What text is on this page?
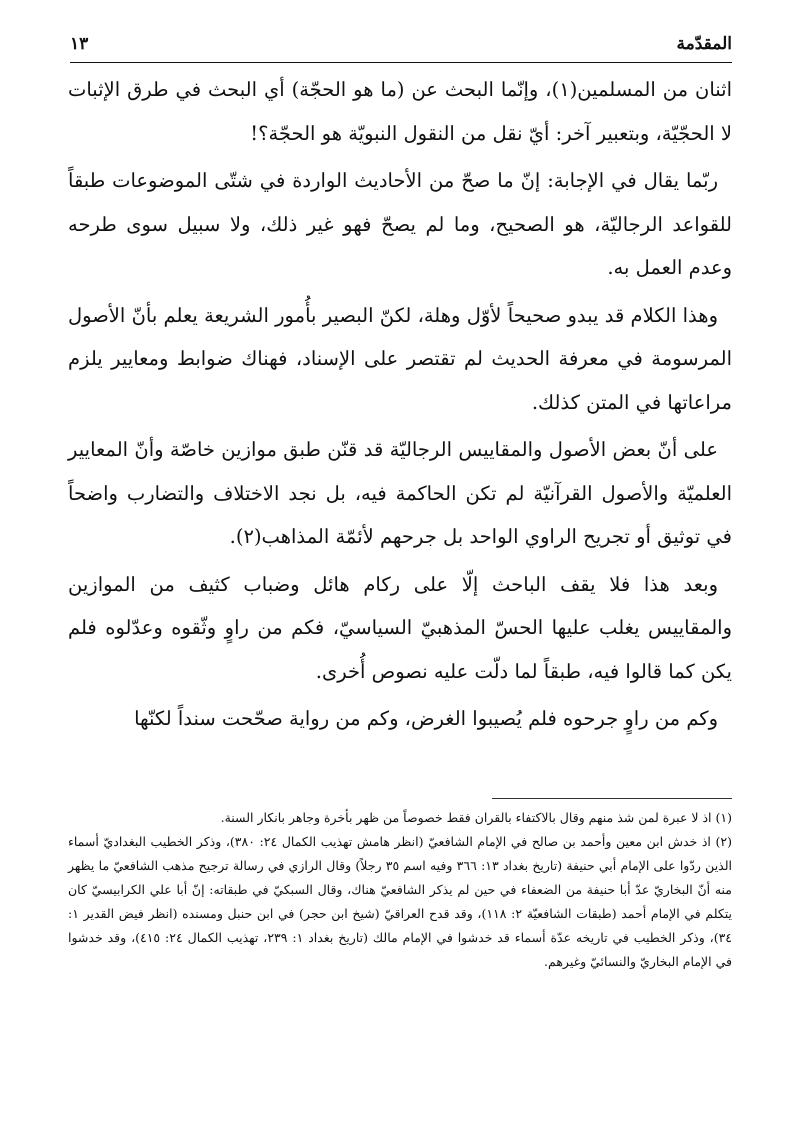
المقدّمة
١٣

اثنان من المسلمين(١)، وإنّما البحث عن (ما هو الحجّة) أي البحث في طرق الإثبات لا الحجّيّة، وبتعبير آخر: أيّ نقل من النقول النبويّة هو الحجّة؟!

ربّما يقال في الإجابة: إنّ ما صحّ من الأحاديث الواردة في شتّى الموضوعات طبقاً للقواعد الرجاليّة، هو الصحيح، وما لم يصحّ فهو غير ذلك، ولا سبيل سوى طرحه وعدم العمل به.

وهذا الكلام قد يبدو صحيحاً لأوّل وهلة، لكنّ البصير بأُمور الشريعة يعلم بأنّ الأصول المرسومة في معرفة الحديث لم تقتصر على الإسناد، فهناك ضوابط ومعايير يلزم مراعاتها في المتن كذلك.

على أنّ بعض الأصول والمقاييس الرجاليّة قد قنّن طبق موازين خاصّة وأنّ المعايير العلميّة والأصول القرآنيّة لم تكن الحاكمة فيه، بل نجد الاختلاف والتضارب واضحاً في توثيق أو تجريح الراوي الواحد بل جرحهم لأئمّة المذاهب(٢).

وبعد هذا فلا يقف الباحث إلّا على ركام هائل وضباب كثيف من الموازين والمقاييس يغلب عليها الحسّ المذهبيّ السياسيّ، فكم من راوٍ وثّقوه وعدّلوه فلم يكن كما قالوا فيه، طبقاً لما دلّت عليه نصوص أُخرى.

وكم من راوٍ جرحوه فلم يُصيبوا الغرض، وكم من رواية صحّحت سنداً لكنّها

(١) اذ لا عبرة لمن شذ منهم وقال بالاكتفاء بالقران فقط خصوصاً من ظهر بأخرة وجاهر بانكار السنة.

(٢) اذ خدش ابن معين وأحمد بن صالح في الإمام الشافعيّ (انظر هامش تهذيب الكمال ٢٤: ٣٨٠)، وذكر الخطيب البغداديّ أسماء الذين ردّوا على الإمام أبي حنيفة (تاريخ بغداد ١٣: ٣٦٦ وفيه اسم ٣٥ رجلاً) وقال الرازي في رسالة ترجيح مذهب الشافعيّ ما يظهر منه أنّ البخاريّ عدّ أبا حنيفة من الضعفاء في حين لم يذكر الشافعيّ هناك، وقال السبكيّ في طبقاته: إنّ أبا علي الكرابيسيّ كان يتكلم في الإمام أحمد (طبقات الشافعيّة ٢: ١١٨)، وقد قدح العراقيّ (شيخ ابن حجر) في ابن حنبل ومسنده (انظر فيض القدير ١: ٣٤)، وذكر الخطيب في تاريخه عدّة أسماء قد خدشوا في الإمام مالك (تاريخ بغداد ١: ٢٣٩، تهذيب الكمال ٢٤: ٤١٥)، وقد خدشوا في الإمام البخاريّ والنسائيّ وغيرهم.
